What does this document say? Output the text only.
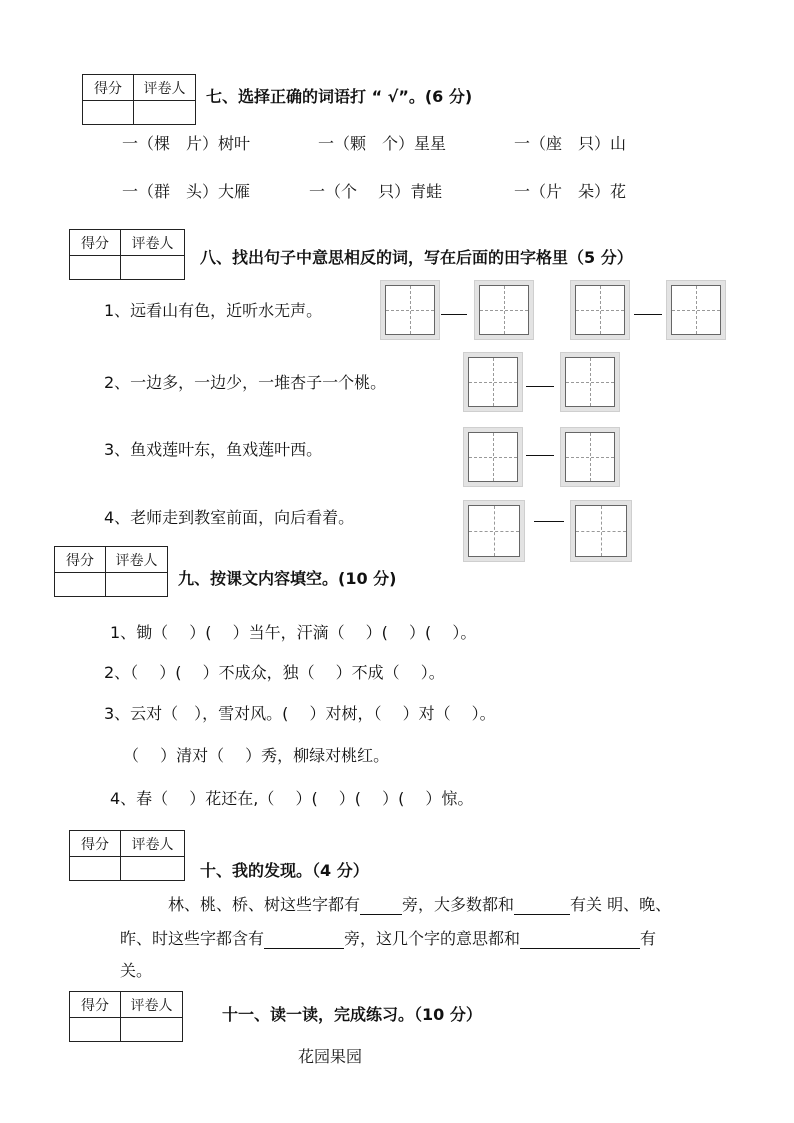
得分	评卷人
	七、选择正确的词语打 “ √”。(6 分)
一（棵　片）树叶	一（颗　个）星星	一（座　只）山
一（群　头）大雁	一（个　 只）青蛙	一（片　朵）花
得分	评卷人

八、找出句子中意思相反的词，写在后面的田字格里（5 分）
1、远看山有色，近听水无声。
2、一边多，一边少，一堆杏子一个桃。
3、鱼戏莲叶东，鱼戏莲叶西。
4、老师走到教室前面，向后看着。
得分	评卷人

九、按课文内容填空。(10 分)
1、锄（　 ）(　 ）当午，汗滴（　 ）(　 ）(　 ）。
2、（　 ）(　 ）不成众，独（　 ）不成（　 ）。
3、云对（　），雪对风。(　 ）对树，（　 ）对（　 ）。
（　 ）清对（　 ）秀，柳绿对桃红。
4、春（　 ）花还在,（　 ）(　 ）(　 ）(　 ）惊。
得分	评卷人

十、我的发现。（4 分）
林、桃、桥、树这些字都有	旁，大多数都和	有关 明、晚、
昨、时这些字都含有	旁，这几个字的意思都和	有
关。
得分	评卷人
		十一、读一读，完成练习。（10 分）
花园果园
